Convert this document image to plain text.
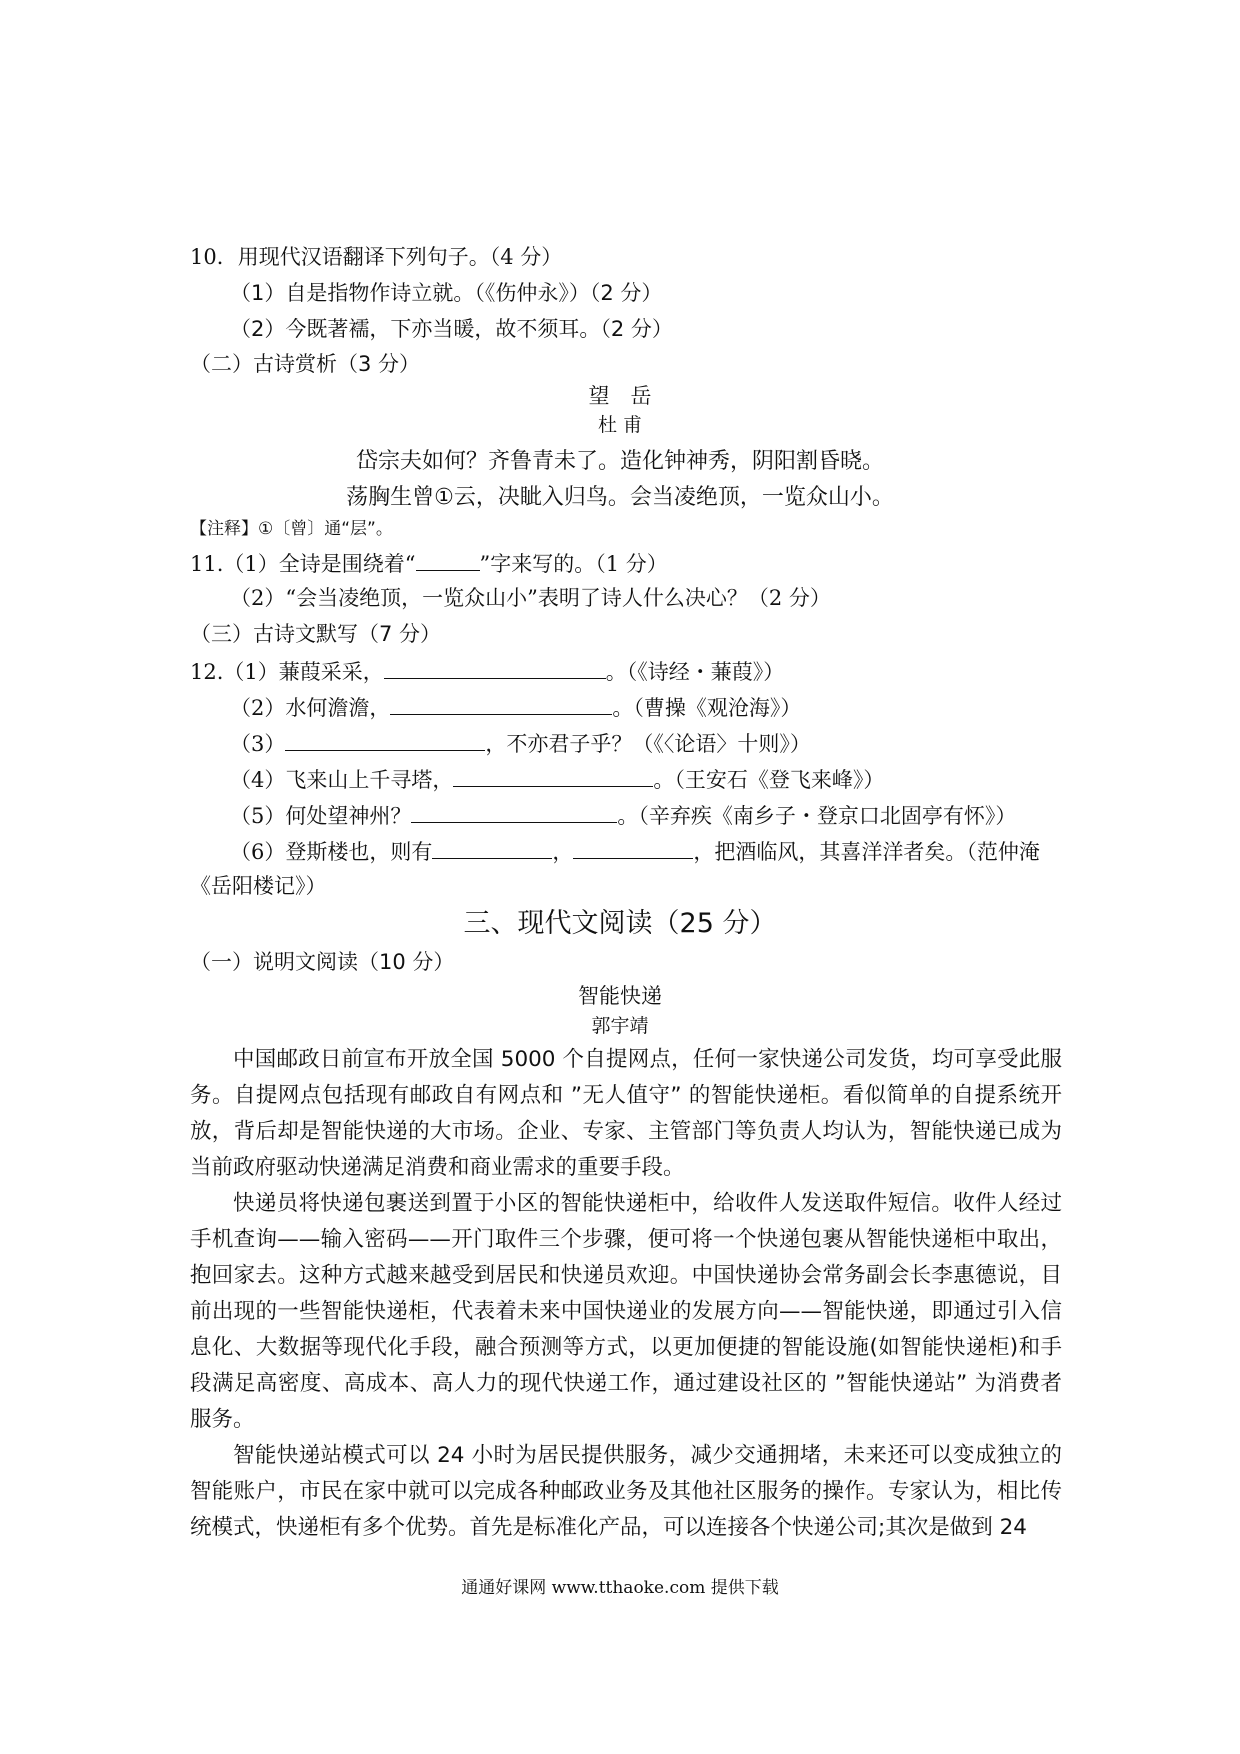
10．用现代汉语翻译下列句子。（4 分）
（1）自是指物作诗立就。（《伤仲永》）（2 分）
（2）今既著襦，下亦当暖，故不须耳。（2 分）
（二）古诗赏析（3 分）
望　岳
杜 甫
岱宗夫如何？齐鲁青未了。造化钟神秀，阴阳割昏晓。
荡胸生曾①云，决眦入归鸟。会当凌绝顶，一览众山小。
【注释】①〔曾〕通“层”。
11.（1）全诗是围绕着“	”字来写的。（1 分）
（2）“会当凌绝顶，一览众山小”表明了诗人什么决心？（2 分）
（三）古诗文默写（7 分）
12.（1）蒹葭采采，	。（《诗经・蒹葭》）
（2）水何澹澹，	。（曹操《观沧海》）
（3）	，不亦君子乎？（《〈论语〉十则》）
（4）飞来山上千寻塔，	。（王安石《登飞来峰》）
（5）何处望神州？	。（辛弃疾《南乡子・登京口北固亭有怀》）
（6）登斯楼也，则有	，	，把酒临风，其喜洋洋者矣。（范仲淹
《岳阳楼记》）
三、现代文阅读（25 分）
（一）说明文阅读（10 分）
智能快递
郭宇靖

中国邮政日前宣布开放全国 5000 个自提网点，任何一家快递公司发货，均可享受此服务。自提网点包括现有邮政自有网点和 ”无人值守” 的智能快递柜。看似简单的自提系统开放，背后却是智能快递的大市场。企业、专家、主管部门等负责人均认为，智能快递已成为当前政府驱动快递满足消费和商业需求的重要手段。

快递员将快递包裹送到置于小区的智能快递柜中，给收件人发送取件短信。收件人经过手机查询——输入密码——开门取件三个步骤，便可将一个快递包裹从智能快递柜中取出，抱回家去。这种方式越来越受到居民和快递员欢迎。中国快递协会常务副会长李惠德说，目前出现的一些智能快递柜，代表着未来中国快递业的发展方向——智能快递，即通过引入信息化、大数据等现代化手段，融合预测等方式，以更加便捷的智能设施(如智能快递柜)和手段满足高密度、高成本、高人力的现代快递工作，通过建设社区的 ”智能快递站” 为消费者服务。

智能快递站模式可以 24 小时为居民提供服务，减少交通拥堵，未来还可以变成独立的智能账户，市民在家中就可以完成各种邮政业务及其他社区服务的操作。专家认为，相比传统模式，快递柜有多个优势。首先是标准化产品，可以连接各个快递公司;其次是做到 24

通通好课网 www.tthaoke.com 提供下载
